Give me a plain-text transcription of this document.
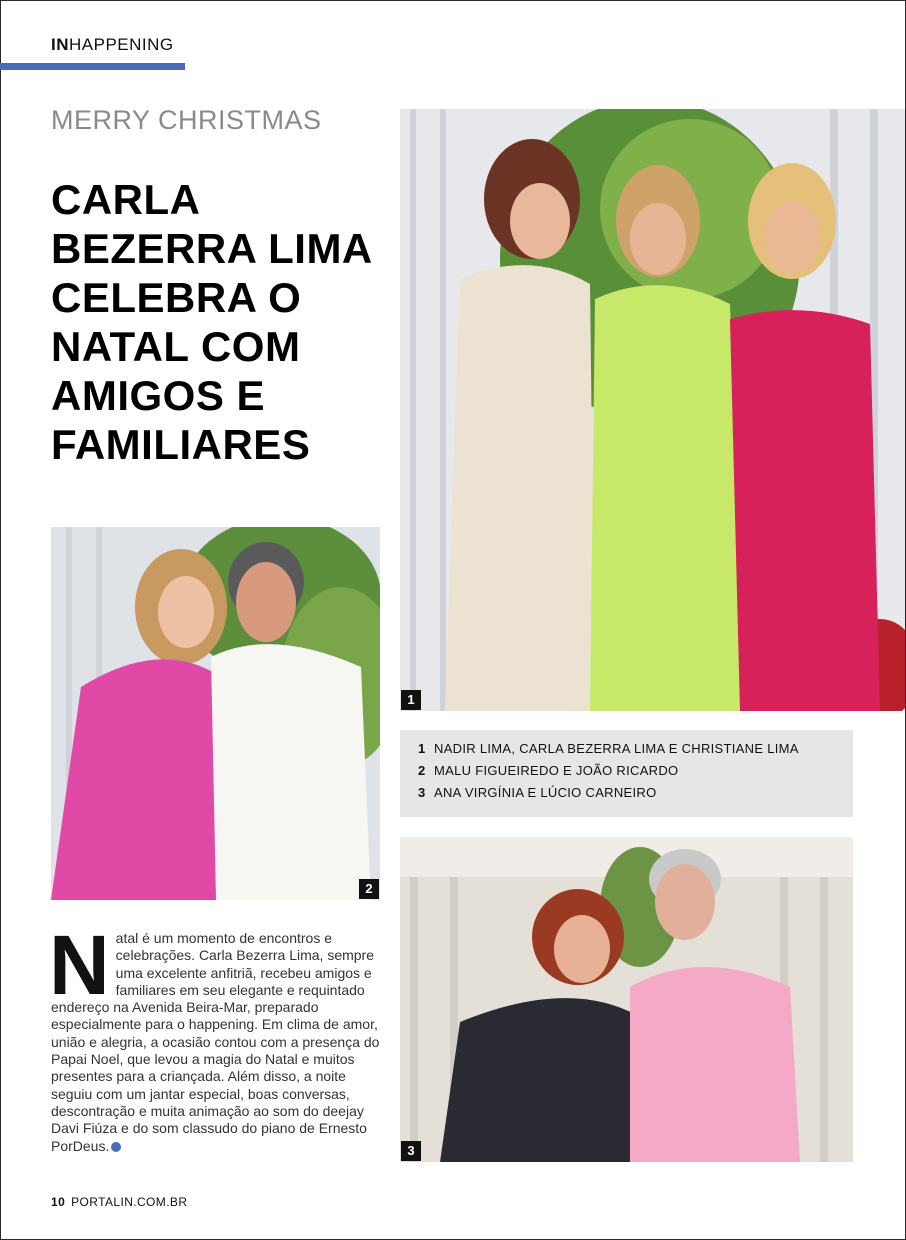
INHAPPENING
MERRY CHRISTMAS
CARLA BEZERRA LIMA CELEBRA O NATAL COM AMIGOS E FAMILIARES
1
2
1 NADIR LIMA, CARLA BEZERRA LIMA E CHRISTIANE LIMA
2 MALU FIGUEIREDO E JOÃO RICARDO
3 ANA VIRGÍNIA E LÚCIO CARNEIRO
3
Natal é um momento de encontros e celebrações. Carla Bezerra Lima, sempre uma excelente anfitriã, recebeu amigos e familiares em seu elegante e requintado endereço na Avenida Beira-Mar, preparado especialmente para o happening. Em clima de amor, união e alegria, a ocasião contou com a presença do Papai Noel, que levou a magia do Natal e muitos presentes para a criançada. Além disso, a noite seguiu com um jantar especial, boas conversas, descontração e muita animação ao som do deejay Davi Fiúza e do som classudo do piano de Ernesto PorDeus.
10 PORTALIN.COM.BR
